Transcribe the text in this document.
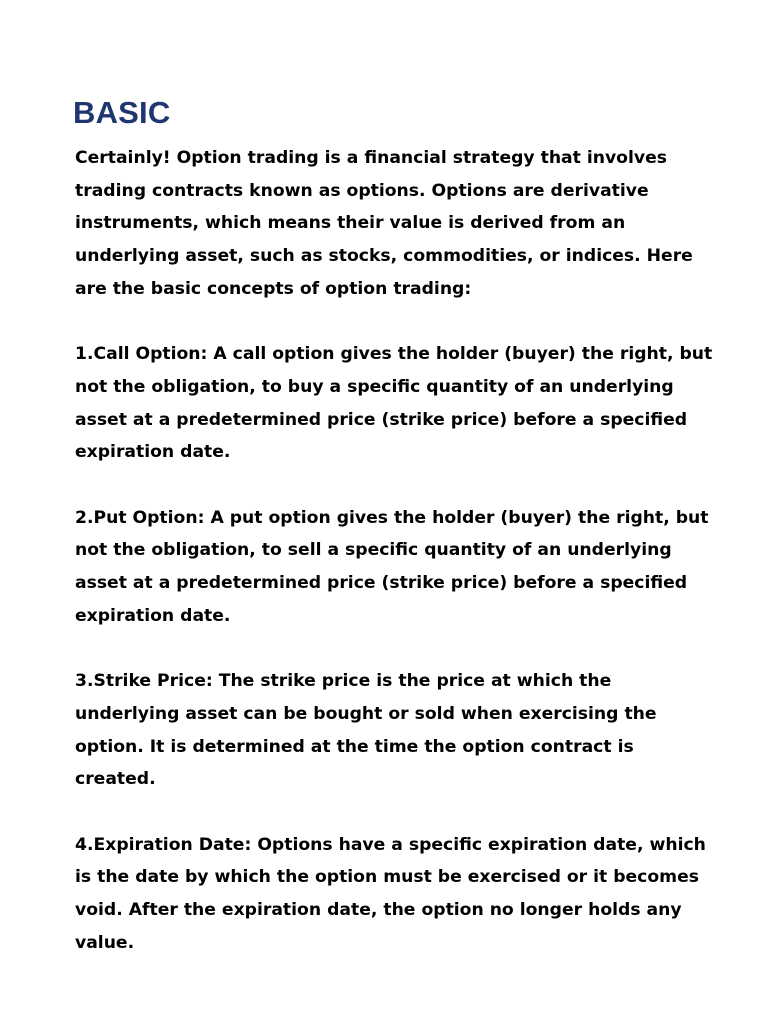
BASIC

Certainly! Option trading is a financial strategy that involves trading contracts known as options. Options are derivative instruments, which means their value is derived from an underlying asset, such as stocks, commodities, or indices. Here are the basic concepts of option trading:

1.Call Option: A call option gives the holder (buyer) the right, but not the obligation, to buy a specific quantity of an underlying asset at a predetermined price (strike price) before a specified expiration date.

2.Put Option: A put option gives the holder (buyer) the right, but not the obligation, to sell a specific quantity of an underlying asset at a predetermined price (strike price) before a specified expiration date.

3.Strike Price: The strike price is the price at which the underlying asset can be bought or sold when exercising the option. It is determined at the time the option contract is created.

4.Expiration Date: Options have a specific expiration date, which is the date by which the option must be exercised or it becomes void. After the expiration date, the option no longer holds any value.
